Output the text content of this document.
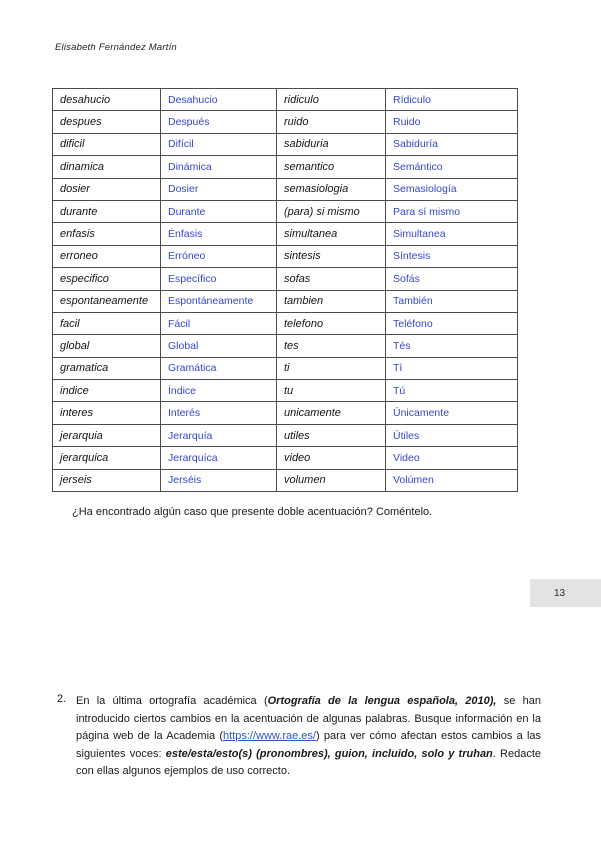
Elisabeth Fernández Martín
desahucio	Desahucio	ridiculo	Rídiculo
despues	Después	ruido	Ruido
dificil	Difícil	sabiduria	Sabiduría
dinamica	Dinámica	semantico	Semántico
dosier	Dosier	semasiologia	Semasiología
durante	Durante	(para) si mismo	Para sí mismo
enfasis	Énfasis	simultanea	Simultanea
erroneo	Erróneo	sintesis	Síntesis
especifico	Específico	sofas	Sofás
espontaneamente	Espontáneamente	tambien	También
facil	Fácil	telefono	Teléfono
global	Global	tes	Tés
gramatica	Gramática	ti	Tí
indice	Índice	tu	Tú
interes	Interés	unicamente	Únicamente
jerarquia	Jerarquía	utiles	Útiles
jerarquica	Jerarquíca	video	Video
jerseis	Jerséis	volumen	Volúmen
¿Ha encontrado algún caso que presente doble acentuación? Coméntelo.
13
2. En la última ortografía académica (Ortografía de la lengua española, 2010), se han introducido ciertos cambios en la acentuación de algunas palabras. Busque información en la página web de la Academia (https://www.rae.es/) para ver cómo afectan estos cambios a las siguientes voces: este/esta/esto(s) (pronombres), guion, incluido, solo y truhan. Redacte con ellas algunos ejemplos de uso correcto.
